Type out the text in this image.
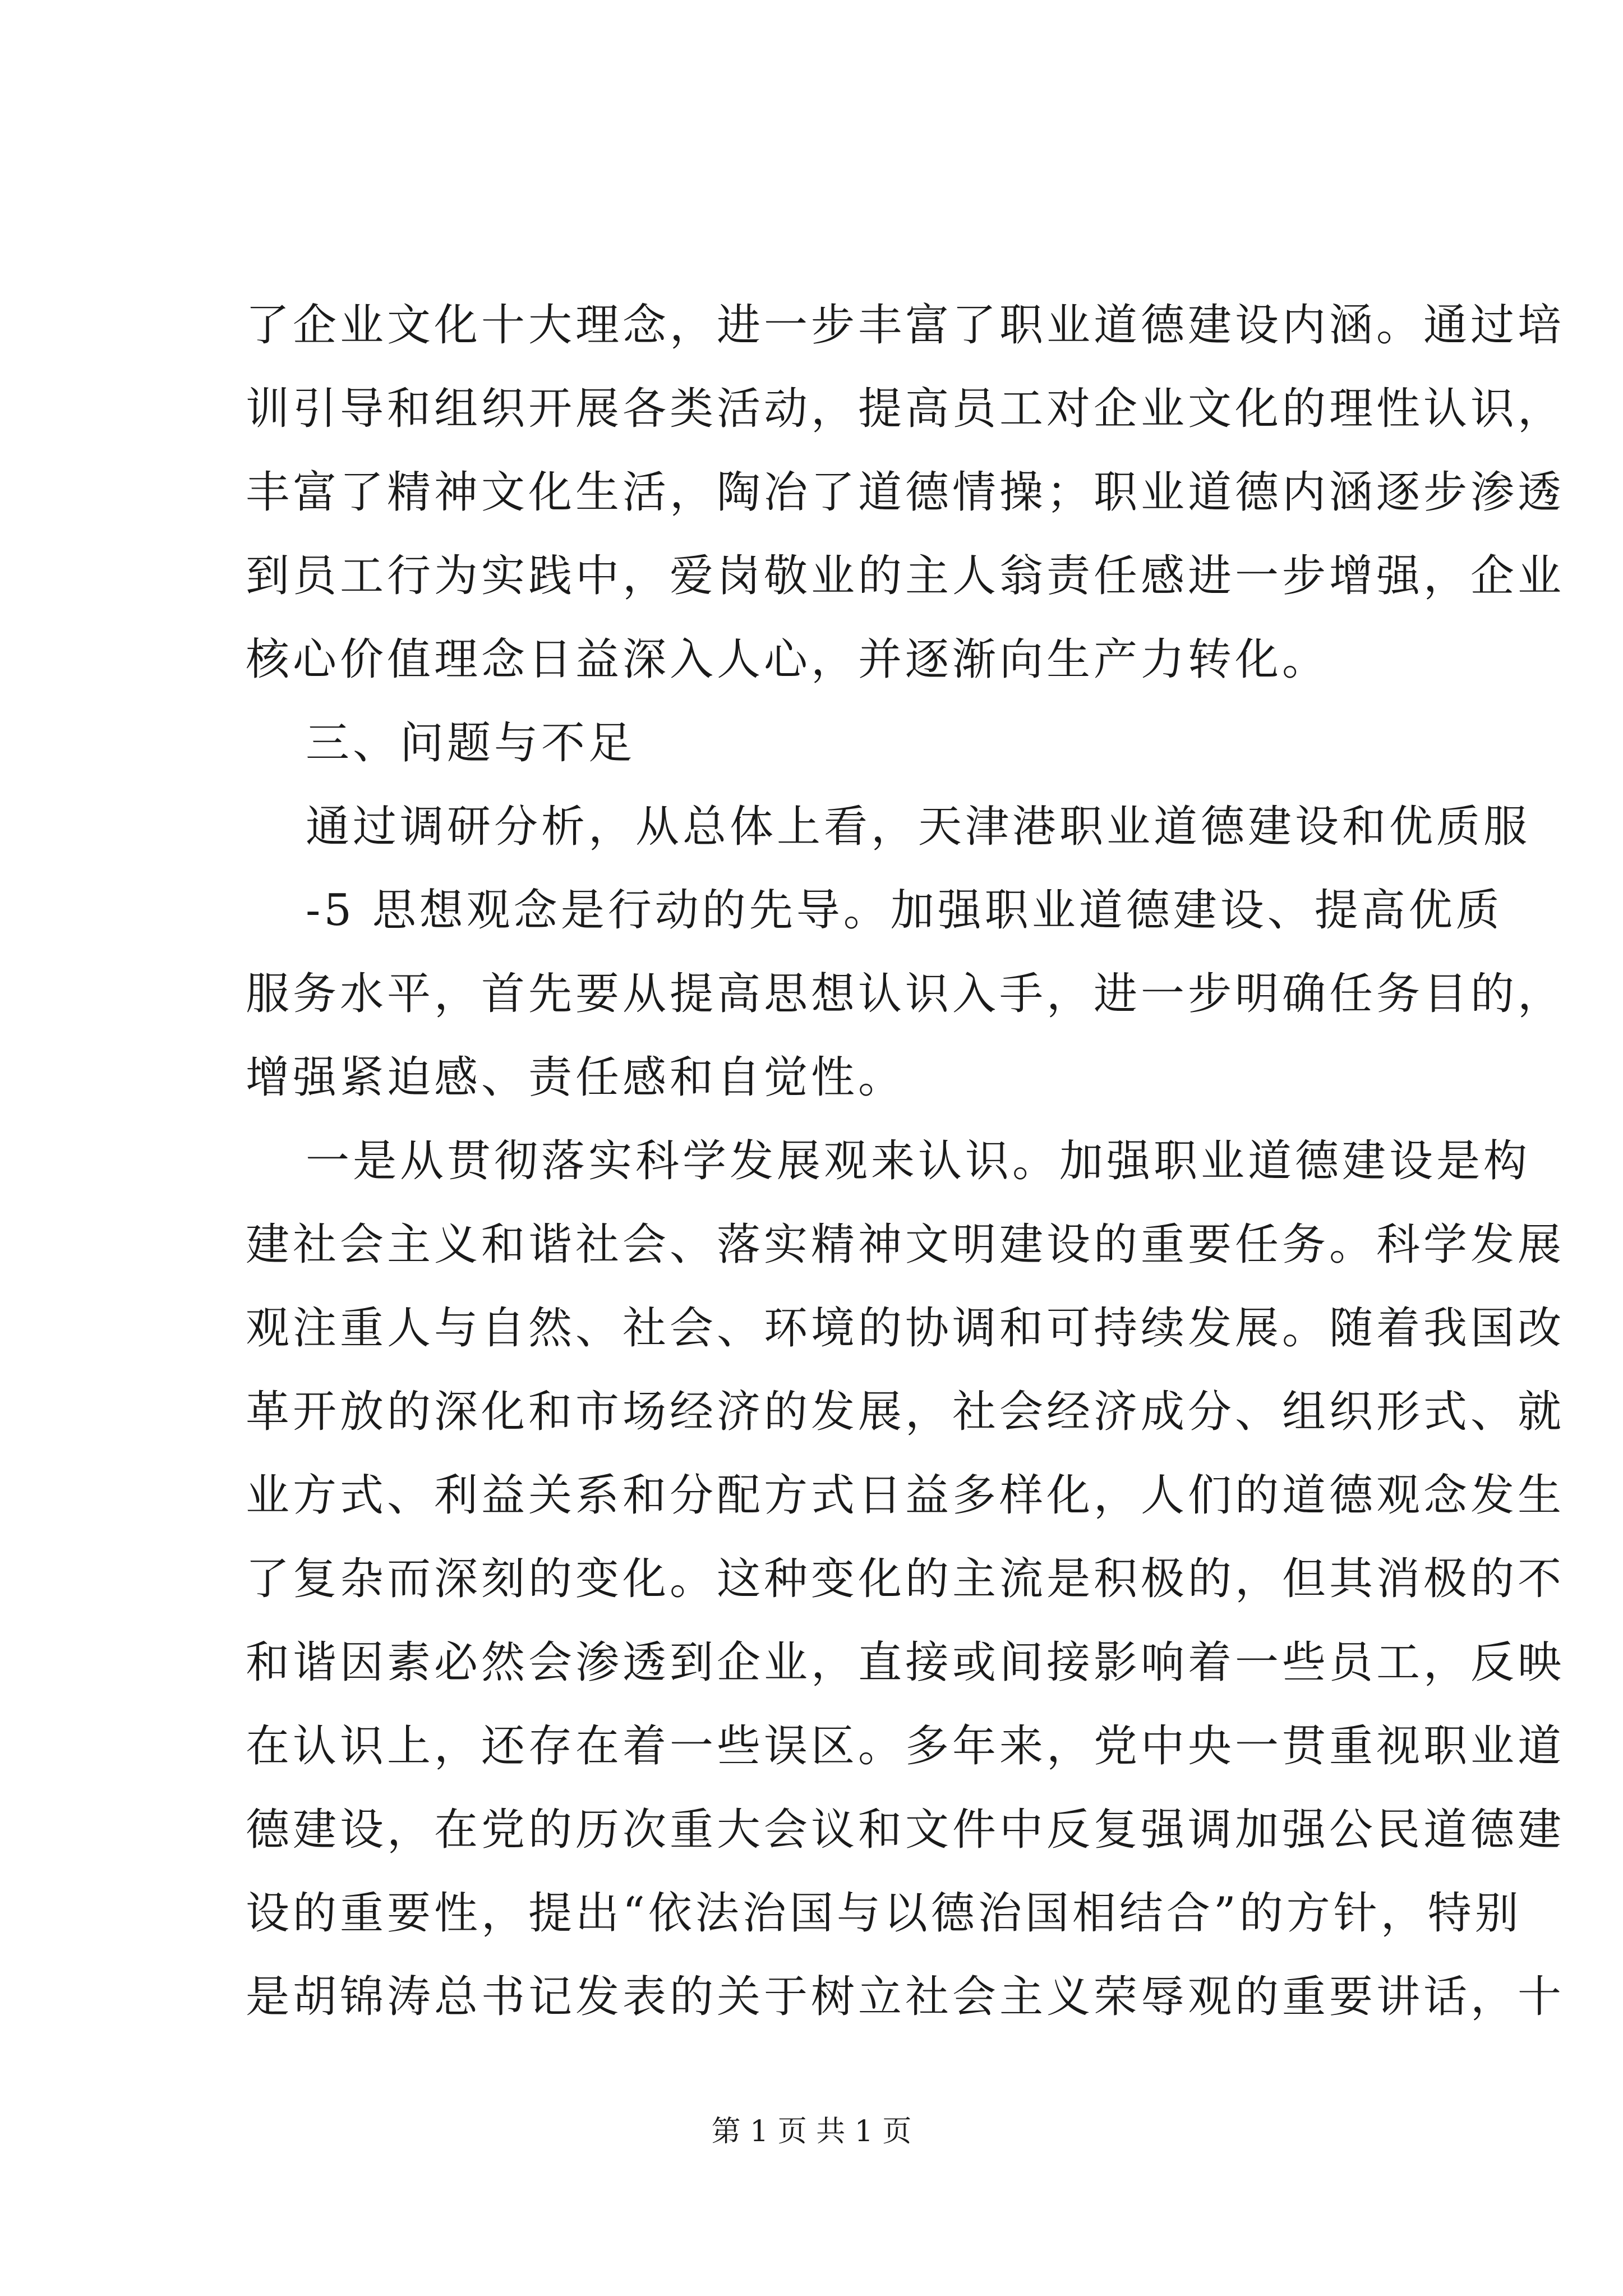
了企业文化十大理念，进一步丰富了职业道德建设内涵。通过培
训引导和组织开展各类活动，提高员工对企业文化的理性认识，
丰富了精神文化生活，陶冶了道德情操；职业道德内涵逐步渗透
到员工行为实践中，爱岗敬业的主人翁责任感进一步增强，企业
核心价值理念日益深入人心，并逐渐向生产力转化。
三、问题与不足
通过调研分析，从总体上看，天津港职业道德建设和优质服
-5 思想观念是行动的先导。加强职业道德建设、提高优质
服务水平，首先要从提高思想认识入手，进一步明确任务目的，
增强紧迫感、责任感和自觉性。
一是从贯彻落实科学发展观来认识。加强职业道德建设是构
建社会主义和谐社会、落实精神文明建设的重要任务。科学发展
观注重人与自然、社会、环境的协调和可持续发展。随着我国改
革开放的深化和市场经济的发展，社会经济成分、组织形式、就
业方式、利益关系和分配方式日益多样化，人们的道德观念发生
了复杂而深刻的变化。这种变化的主流是积极的，但其消极的不
和谐因素必然会渗透到企业，直接或间接影响着一些员工，反映
在认识上，还存在着一些误区。多年来，党中央一贯重视职业道
德建设，在党的历次重大会议和文件中反复强调加强公民道德建
设的重要性，提出“依法治国与以德治国相结合”的方针，特别
是胡锦涛总书记发表的关于树立社会主义荣辱观的重要讲话，十
第 1 页 共 1 页
